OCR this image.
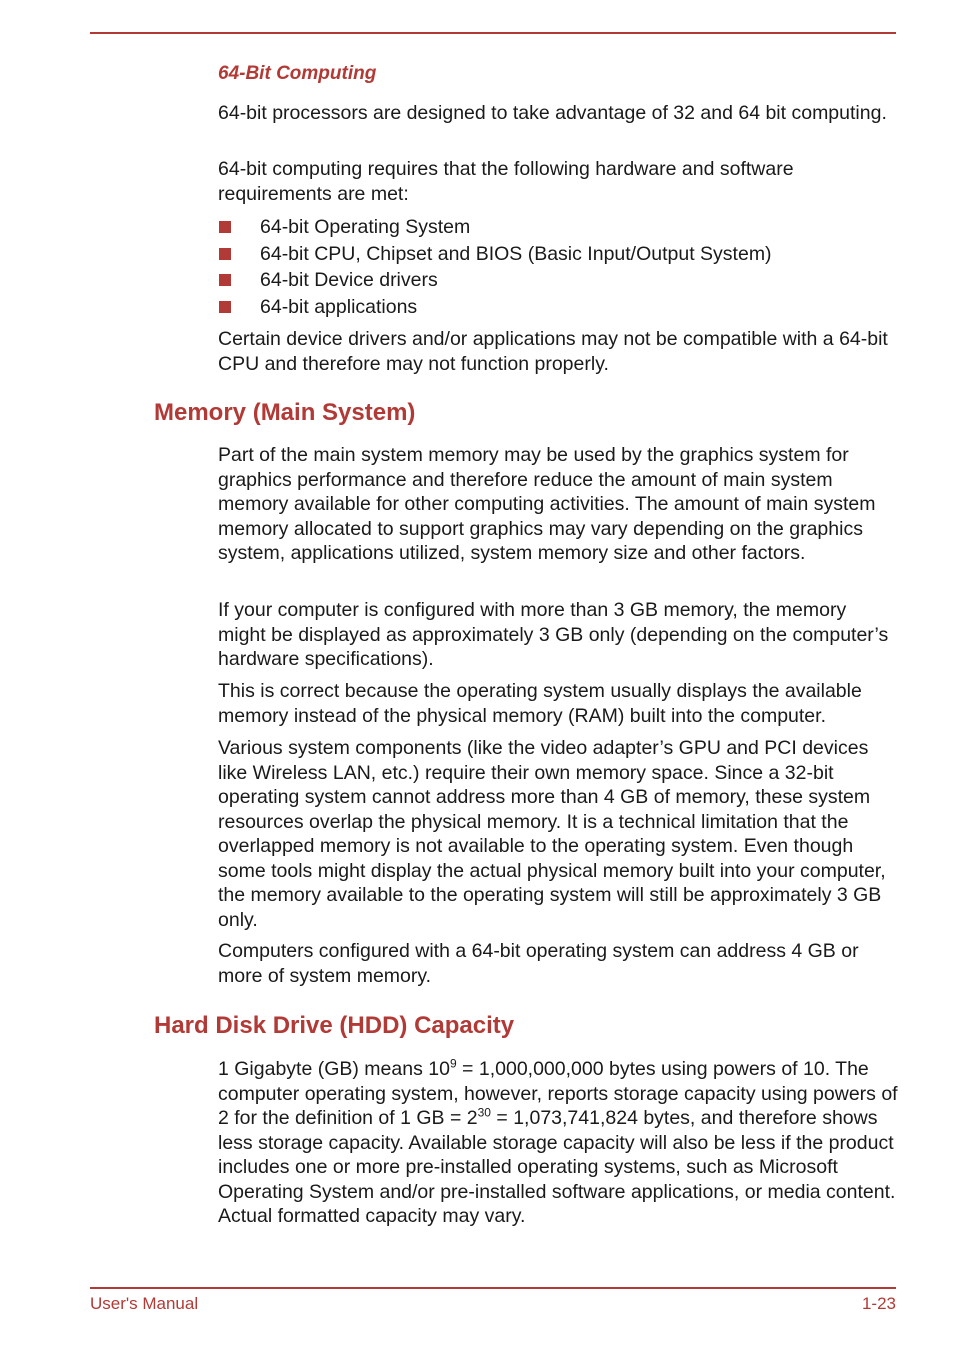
64-Bit Computing

64-bit processors are designed to take advantage of 32 and 64 bit computing.

64-bit computing requires that the following hardware and software requirements are met:

64-bit Operating System
64-bit CPU, Chipset and BIOS (Basic Input/Output System)
64-bit Device drivers
64-bit applications

Certain device drivers and/or applications may not be compatible with a 64-bit CPU and therefore may not function properly.

Memory (Main System)

Part of the main system memory may be used by the graphics system for graphics performance and therefore reduce the amount of main system memory available for other computing activities. The amount of main system memory allocated to support graphics may vary depending on the graphics system, applications utilized, system memory size and other factors.

If your computer is configured with more than 3 GB memory, the memory might be displayed as approximately 3 GB only (depending on the computer’s hardware specifications).

This is correct because the operating system usually displays the available memory instead of the physical memory (RAM) built into the computer.

Various system components (like the video adapter’s GPU and PCI devices like Wireless LAN, etc.) require their own memory space. Since a 32-bit operating system cannot address more than 4 GB of memory, these system resources overlap the physical memory. It is a technical limitation that the overlapped memory is not available to the operating system. Even though some tools might display the actual physical memory built into your computer, the memory available to the operating system will still be approximately 3 GB only.

Computers configured with a 64-bit operating system can address 4 GB or more of system memory.

Hard Disk Drive (HDD) Capacity

1 Gigabyte (GB) means $10^9 = 1,000,000,000$ bytes using powers of 10. The computer operating system, however, reports storage capacity using powers of 2 for the definition of 1 GB = $2^{30} = 1,073,741,824$ bytes, and therefore shows less storage capacity. Available storage capacity will also be less if the product includes one or more pre-installed operating systems, such as Microsoft Operating System and/or pre-installed software applications, or media content. Actual formatted capacity may vary.

User's Manual	1-23
